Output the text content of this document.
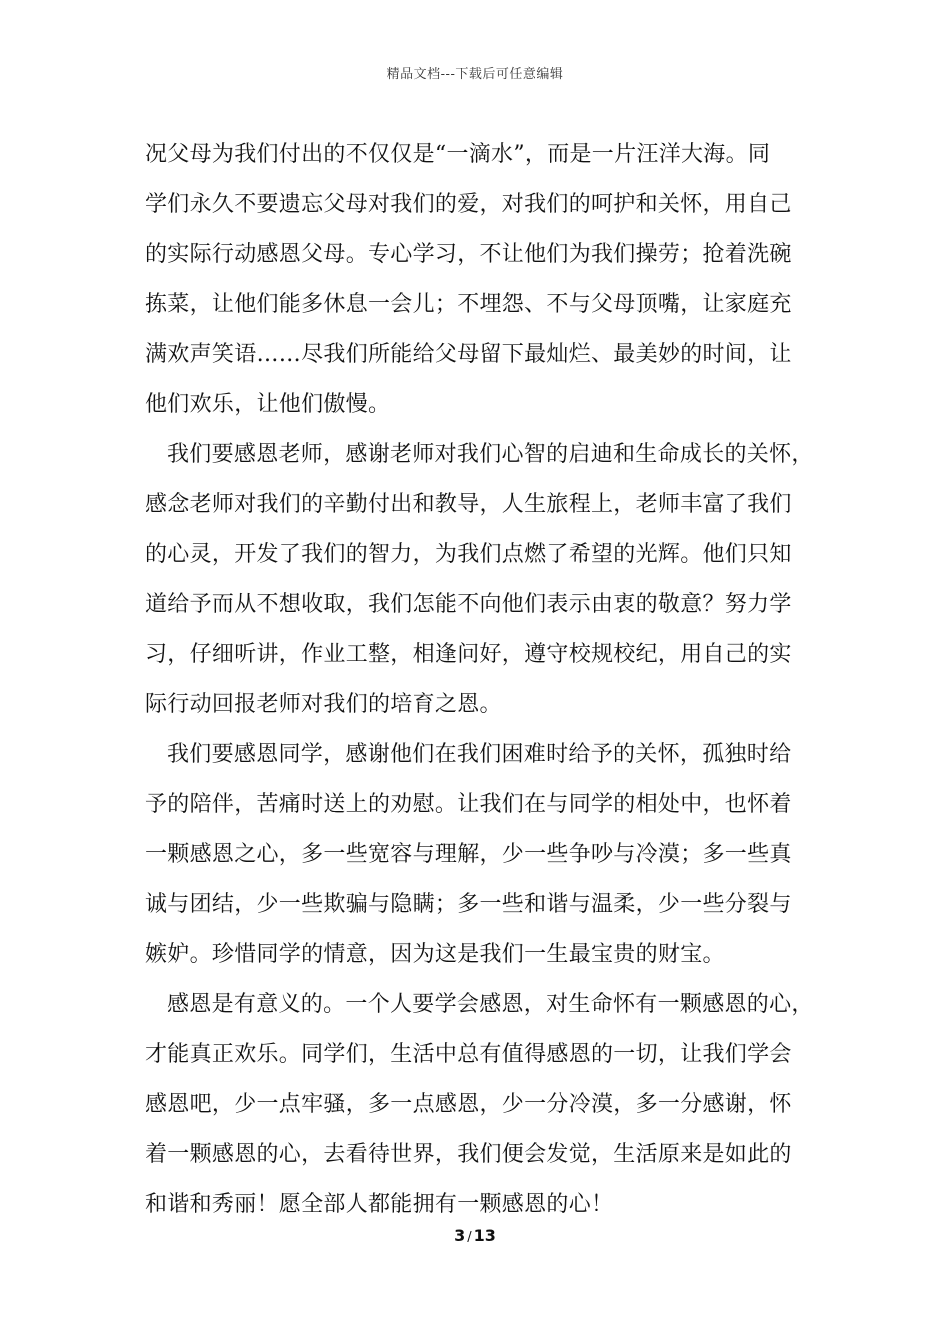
精品文档---下载后可任意编辑
况父母为我们付出的不仅仅是“一滴水”，而是一片汪洋大海。同
学们永久不要遗忘父母对我们的爱，对我们的呵护和关怀，用自己
的实际行动感恩父母。专心学习，不让他们为我们操劳；抢着洗碗
拣菜，让他们能多休息一会儿；不埋怨、不与父母顶嘴，让家庭充
满欢声笑语……尽我们所能给父母留下最灿烂、最美妙的时间，让
他们欢乐，让他们傲慢。
我们要感恩老师，感谢老师对我们心智的启迪和生命成长的关怀，
感念老师对我们的辛勤付出和教导，人生旅程上，老师丰富了我们
的心灵，开发了我们的智力，为我们点燃了希望的光辉。他们只知
道给予而从不想收取，我们怎能不向他们表示由衷的敬意？努力学
习，仔细听讲，作业工整，相逢问好，遵守校规校纪，用自己的实
际行动回报老师对我们的培育之恩。
我们要感恩同学，感谢他们在我们困难时给予的关怀，孤独时给
予的陪伴，苦痛时送上的劝慰。让我们在与同学的相处中，也怀着
一颗感恩之心，多一些宽容与理解，少一些争吵与冷漠；多一些真
诚与团结，少一些欺骗与隐瞒；多一些和谐与温柔，少一些分裂与
嫉妒。珍惜同学的情意，因为这是我们一生最宝贵的财宝。
感恩是有意义的。一个人要学会感恩，对生命怀有一颗感恩的心，
才能真正欢乐。同学们，生活中总有值得感恩的一切，让我们学会
感恩吧，少一点牢骚，多一点感恩，少一分冷漠，多一分感谢，怀
着一颗感恩的心，去看待世界，我们便会发觉，生活原来是如此的
和谐和秀丽！愿全部人都能拥有一颗感恩的心！
3 / 13
